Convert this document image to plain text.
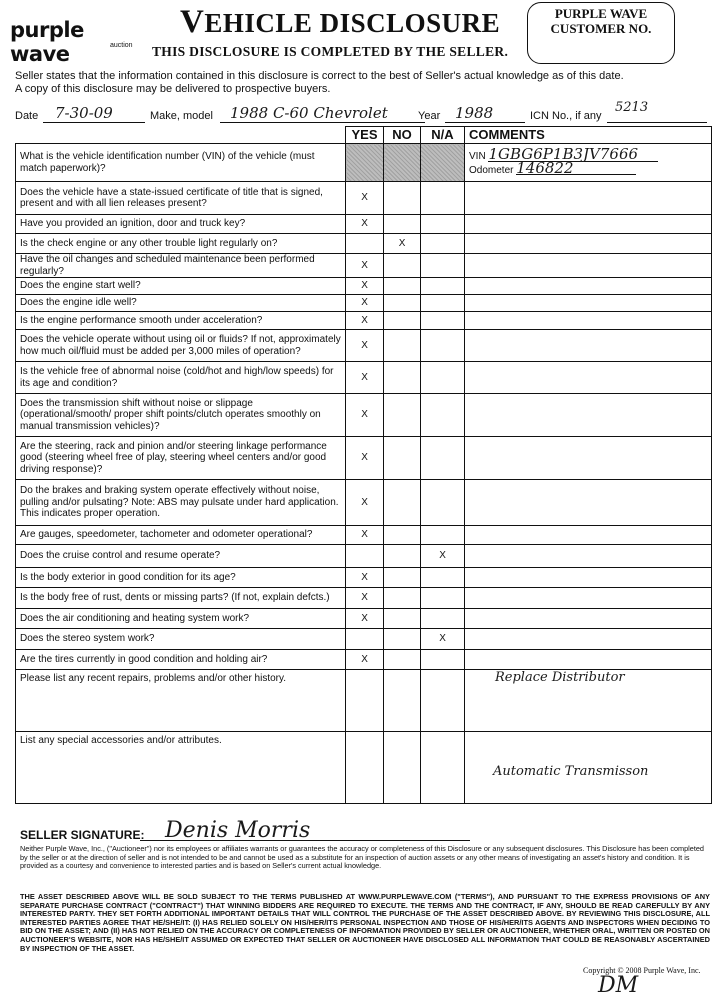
purple wave	auction
VEHICLE DISCLOSURE
THIS DISCLOSURE IS COMPLETED BY THE SELLER.
PURPLE WAVE
CUSTOMER NO.
Seller states that the information contained in this disclosure is correct to the best of Seller's actual knowledge as of this date.
A copy of this disclosure may be delivered to prospective buyers.
Date 7-30-09	Make, model 1988 C-60 Chevrolet	Year 1988	ICN No., if any
5213
	YES	NO	N/A	COMMENTS
What is the vehicle identification number (VIN) of the vehicle (must match paperwork)?				VIN 1GBG6P1B3JV7666
Odometer 146822

Does the vehicle have a state-issued certificate of title that is signed, present and with all lien releases present?	X			
Have you provided an ignition, door and truck key?	X			
Is the check engine or any other trouble light regularly on?		X		
Have the oil changes and scheduled maintenance been performed regularly?	X			
Does the engine start well?	X			
Does the engine idle well?	X			
Is the engine performance smooth under acceleration?	X			
Does the vehicle operate without using oil or fluids? If not, approximately how much oil/fluid must be added per 3,000 miles of operation?	X			
Is the vehicle free of abnormal noise (cold/hot and high/low speeds) for its age and condition?	X			
Does the transmission shift without noise or slippage (operational/smooth/ proper shift points/clutch operates smoothly on manual transmission vehicles)?	X			
Are the steering, rack and pinion and/or steering linkage performance good (steering wheel free of play, steering wheel centers and/or good driving response)?	X			
Do the brakes and braking system operate effectively without noise, pulling and/or pulsating? Note: ABS may pulsate under hard application. This indicates proper operation.	X			
Are gauges, speedometer, tachometer and odometer operational?	X			
Does the cruise control and resume operate?			X	
Is the body exterior in good condition for its age?	X			
Is the body free of rust, dents or missing parts? (If not, explain defcts.)	X			
Does the air conditioning and heating system work?	X			
Does the stereo system work?			X	
Are the tires currently in good condition and holding air?	X			
Please list any recent repairs, problems and/or other history.				Replace Distributor
List any special accessories and/or attributes.				Automatic Transmisson
SELLER SIGNATURE: Denis Morris
Neither Purple Wave, Inc., ("Auctioneer") nor its employees or affiliates warrants or guarantees the accuracy or completeness of this Disclosure or any subsequent disclosures. This Disclosure has been completed by the seller or at the direction of seller and is not intended to be and cannot be used as a substitute for an inspection of auction assets or any other means of investigating an asset's history and condition. It is provided as a courtesy and convenience to interested parties and is based on Seller's current actual knowledge.
THE ASSET DESCRIBED ABOVE WILL BE SOLD SUBJECT TO THE TERMS PUBLISHED AT WWW.PURPLEWAVE.COM ("TERMS"), AND PURSUANT TO THE EXPRESS PROVISIONS OF ANY SEPARATE PURCHASE CONTRACT ("CONTRACT") THAT WINNING BIDDERS ARE REQUIRED TO EXECUTE. THE TERMS AND THE CONTRACT, IF ANY, SHOULD BE READ CAREFULLY BY ANY INTERESTED PARTY. THEY SET FORTH ADDITIONAL IMPORTANT DETAILS THAT WILL CONTROL THE PURCHASE OF THE ASSET DESCRIBED ABOVE. BY REVIEWING THIS DISCLOSURE, ALL INTERESTED PARTIES AGREE THAT HE/SHE/IT: (I) HAS RELIED SOLELY ON HIS/HER/ITS PERSONAL INSPECTION AND THOSE OF HIS/HER/ITS AGENTS AND INSPECTORS WHEN DECIDING TO BID ON THE ASSET; AND (II) HAS NOT RELIED ON THE ACCURACY OR COMPLETENESS OF INFORMATION PROVIDED BY SELLER OR AUCTIONEER, WHETHER ORAL, WRITTEN OR POSTED ON AUCTIONEER'S WEBSITE, NOR HAS HE/SHE/IT ASSUMED OR EXPECTED THAT SELLER OR AUCTIONEER HAVE DISCLOSED ALL INFORMATION THAT COULD BE REASONABLY ASCERTAINED BY INSPECTION OF THE ASSET.
Copyright © 2008 Purple Wave, Inc.
DM
